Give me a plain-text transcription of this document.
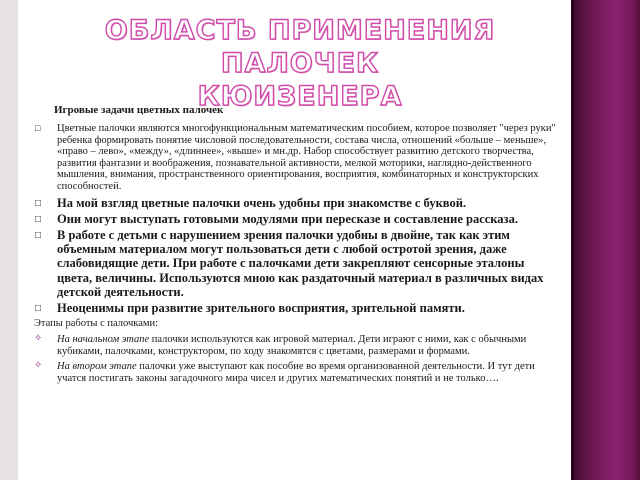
ОБЛАСТЬ ПРИМЕНЕНИЯ ПАЛОЧЕК
КЮИЗЕНЕРА
Игровые задачи цветных палочек
□ Цветные палочки являются многофункциональным математическим пособием, которое позволяет "через руки" ребенка формировать понятие числовой последовательности, состава числа, отношений «больше – меньше», «право – лево», «между», «длиннее», «выше» и мн.др. Набор способствует развитию детского творчества, развития фантазии и воображения, познавательной активности, мелкой моторики, наглядно-действенного мышления, внимания, пространственного ориентирования, восприятия, комбинаторных и конструкторских способностей.
□ На мой взгляд цветные палочки очень удобны при знакомстве с буквой.
□ Они могут выступать готовыми модулями при пересказе и составление рассказа.
□ В работе с детьми с нарушением зрения палочки удобны в двойне, так как этим объемным материалом могут пользоваться дети с любой остротой зрения, даже слабовидящие дети. При работе с палочками дети закрепляют сенсорные эталоны цвета, величины. Используются мною как раздаточный материал в различных видах детской деятельности.
□ Неоценимы при развитие зрительного восприятия, зрительной памяти.
Этапы работы с палочками:
✧ На начальном этапе палочки используются как игровой материал. Дети играют с ними, как с обычными кубиками, палочками, конструктором, по ходу знакомятся с цветами, размерами и формами.
✧ На втором этапе палочки уже выступают как пособие во время организованной деятельности. И тут дети учатся постигать законы загадочного мира чисел и других математических понятий и не только….
